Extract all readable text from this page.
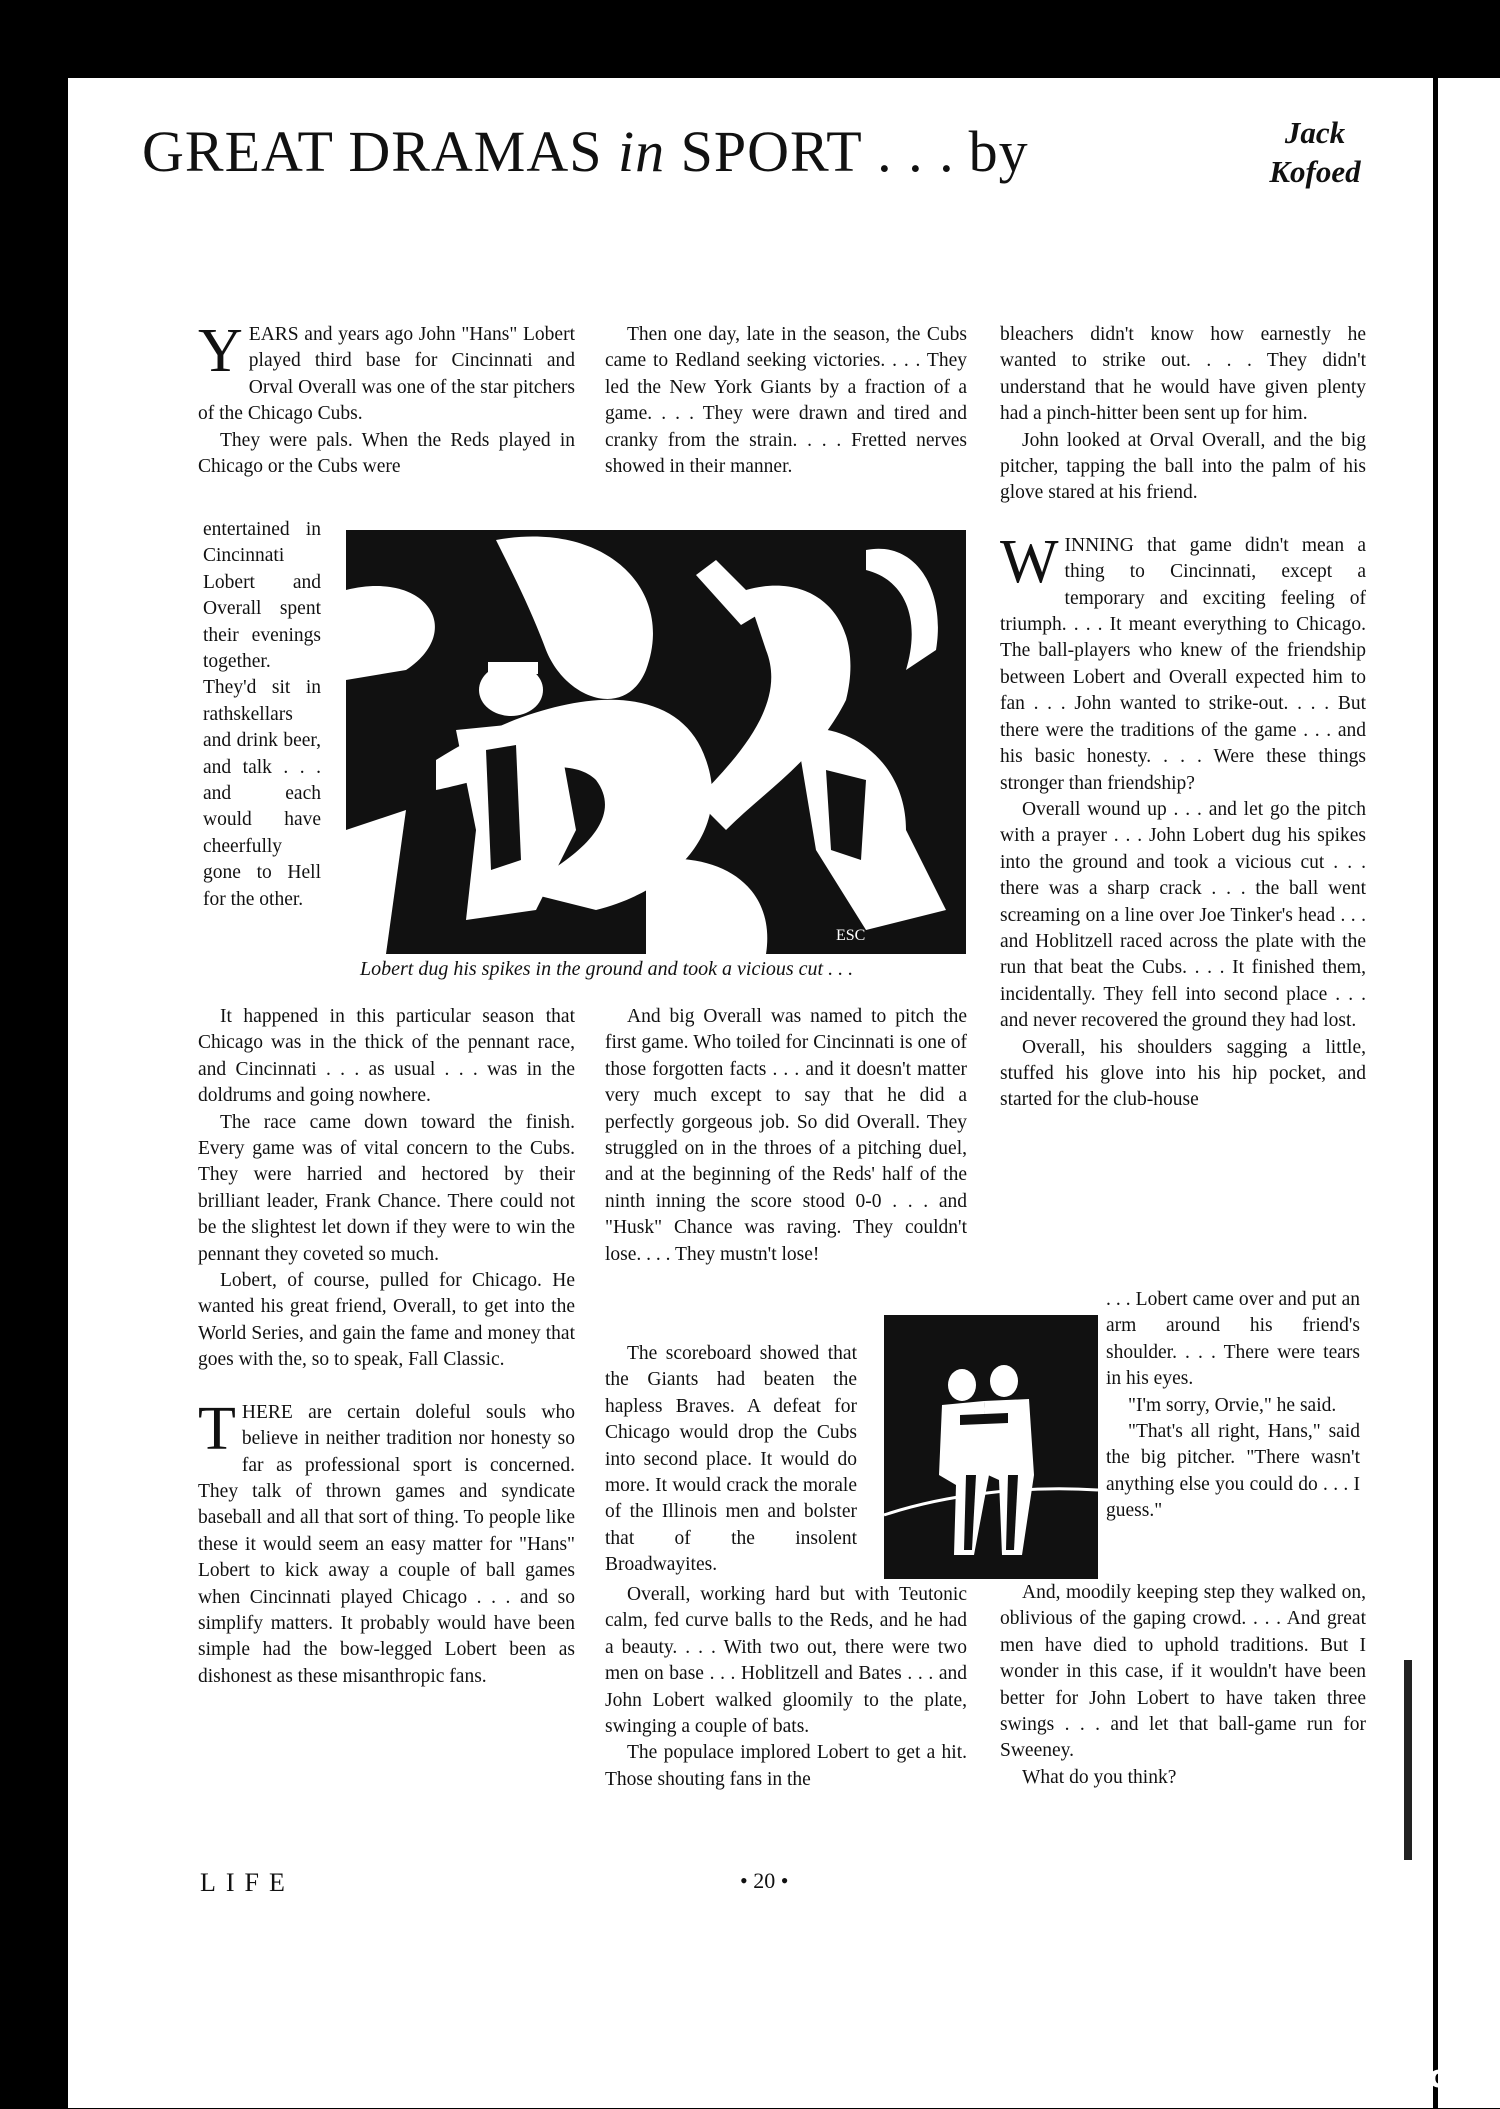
GREAT DRAMAS in SPORT . . . by	Jack
Kofoed

YEARS and years ago John "Hans" Lobert played third base for Cincinnati and Orval Overall was one of the star pitchers of the Chicago Cubs.

They were pals. When the Reds played in Chicago or the Cubs were

entertained in Cincinnati Lobert and Overall spent their evenings together. They'd sit in rathskellars and drink beer, and talk . . . and each would have cheerfully gone to Hell for the other.

It happened in this particular season that Chicago was in the thick of the pennant race, and Cincinnati . . . as usual . . . was in the doldrums and going nowhere.

The race came down toward the finish. Every game was of vital concern to the Cubs. They were harried and hectored by their brilliant leader, Frank Chance. There could not be the slightest let down if they were to win the pennant they coveted so much.

Lobert, of course, pulled for Chicago. He wanted his great friend, Overall, to get into the World Series, and gain the fame and money that goes with the, so to speak, Fall Classic.

THERE are certain doleful souls who believe in neither tradition nor honesty so far as professional sport is concerned. They talk of thrown games and syndicate baseball and all that sort of thing. To people like these it would seem an easy matter for "Hans" Lobert to kick away a couple of ball games when Cincinnati played Chicago . . . and so simplify matters. It probably would have been simple had the bow-legged Lobert been as dishonest as these misanthropic fans.

Then one day, late in the season, the Cubs came to Redland seeking victories. . . . They led the New York Giants by a fraction of a game. . . . They were drawn and tired and cranky from the strain. . . . Fretted nerves showed in their manner.

And big Overall was named to pitch the first game. Who toiled for Cincinnati is one of those forgotten facts . . . and it doesn't matter very much except to say that he did a perfectly gorgeous job. So did Overall. They struggled on in the throes of a pitching duel, and at the beginning of the Reds' half of the ninth inning the score stood 0-0 . . . and "Husk" Chance was raving. They couldn't lose. . . . They mustn't lose!

The scoreboard showed that the Giants had beaten the hapless Braves. A defeat for Chicago would drop the Cubs into second place. It would do more. It would crack the morale of the Illinois men and bolster that of the insolent Broadwayites.

Overall, working hard but with Teutonic calm, fed curve balls to the Reds, and he had a beauty. . . . With two out, there were two men on base . . . Hoblitzell and Bates . . . and John Lobert walked gloomily to the plate, swinging a couple of bats.

The populace implored Lobert to get a hit. Those shouting fans in the

bleachers didn't know how earnestly he wanted to strike out. . . . They didn't understand that he would have given plenty had a pinch-hitter been sent up for him.

John looked at Orval Overall, and the big pitcher, tapping the ball into the palm of his glove stared at his friend.

WINNING that game didn't mean a thing to Cincinnati, except a temporary and exciting feeling of triumph. . . . It meant everything to Chicago. The ball-players who knew of the friendship between Lobert and Overall expected him to fan . . . John wanted to strike-out. . . . But there were the traditions of the game . . . and his basic honesty. . . . Were these things stronger than friendship?

Overall wound up . . . and let go the pitch with a prayer . . . John Lobert dug his spikes into the ground and took a vicious cut . . . there was a sharp crack . . . the ball went screaming on a line over Joe Tinker's head . . . and Hoblitzell raced across the plate with the run that beat the Cubs. . . . It finished them, incidentally. They fell into second place . . . and never recovered the ground they had lost.

Overall, his shoulders sagging a little, stuffed his glove into his hip pocket, and started for the club-house

. . . Lobert came over and put an arm around his friend's shoulder. . . . There were tears in his eyes.

"I'm sorry, Orvie," he said.

"That's all right, Hans," said the big pitcher. "There wasn't anything else you could do . . . I guess."

And, moodily keeping step they walked on, oblivious of the gaping crowd. . . . And great men have died to uphold traditions. But I wonder in this case, if it wouldn't have been better for John Lobert to have taken three swings . . . and let that ball-game run for Sweeney.

What do you think?

ESC
Lobert dug his spikes in the ground and took a vicious cut . . .
LIFE	• 20 •
comicbooks.com
